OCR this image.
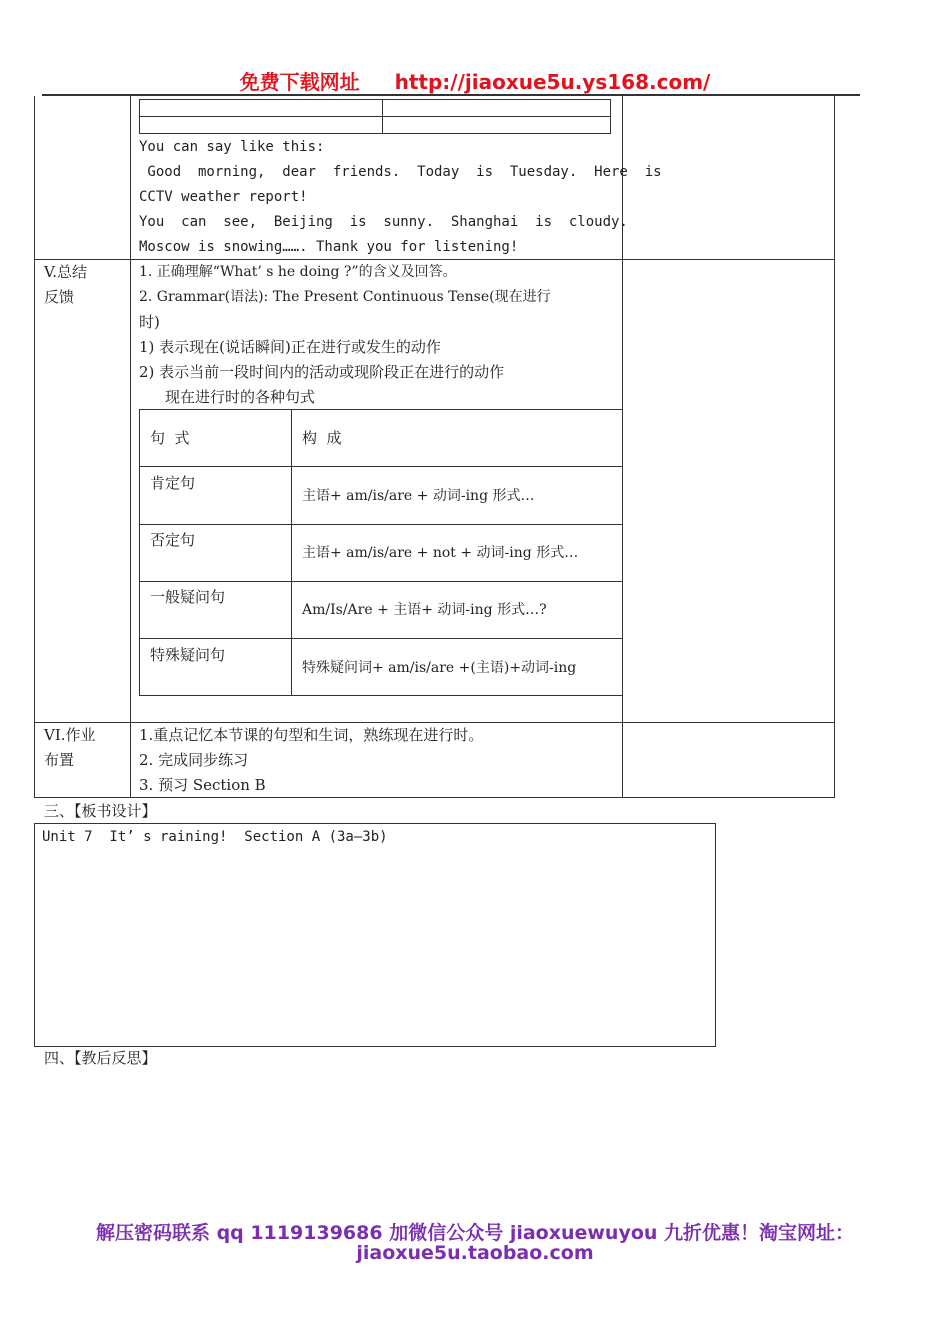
免费下载网址 http://jiaoxue5u.ys168.com/
You can say like this:
Good  morning,  dear  friends.  Today  is  Tuesday.  Here  is
CCTV weather report!
You  can  see,  Beijing  is  sunny.  Shanghai  is  cloudy.
Moscow is snowing……. Thank you for listening!
V.总结
反馈
1. 正确理解“What’ s he doing ?”的含义及回答。
2. Grammar(语法): The Present Continuous Tense(现在进行
时)
1) 表示现在(说话瞬间)正在进行或发生的动作
2) 表示当前一段时间内的活动或现阶段正在进行的动作
现在进行时的各种句式
句  式	构  成
肯定句
主语+ am/is/are + 动词-ing 形式…
否定句
主语+ am/is/are + not + 动词-ing 形式…
一般疑问句
Am/Is/Are + 主语+ 动词-ing 形式…?
特殊疑问句
特殊疑问词+ am/is/are +(主语)+动词-ing
VI.作业
布置
1.重点记忆本节课的句型和生词，熟练现在进行时。
2. 完成同步练习
3. 预习 Section B
三、【板书设计】
Unit 7  It’ s raining!  Section A (3a—3b)
四、【教后反思】
解压密码联系 qq 1119139686 加微信公众号 jiaoxuewuyou 九折优惠！淘宝网址：
jiaoxue5u.taobao.com
